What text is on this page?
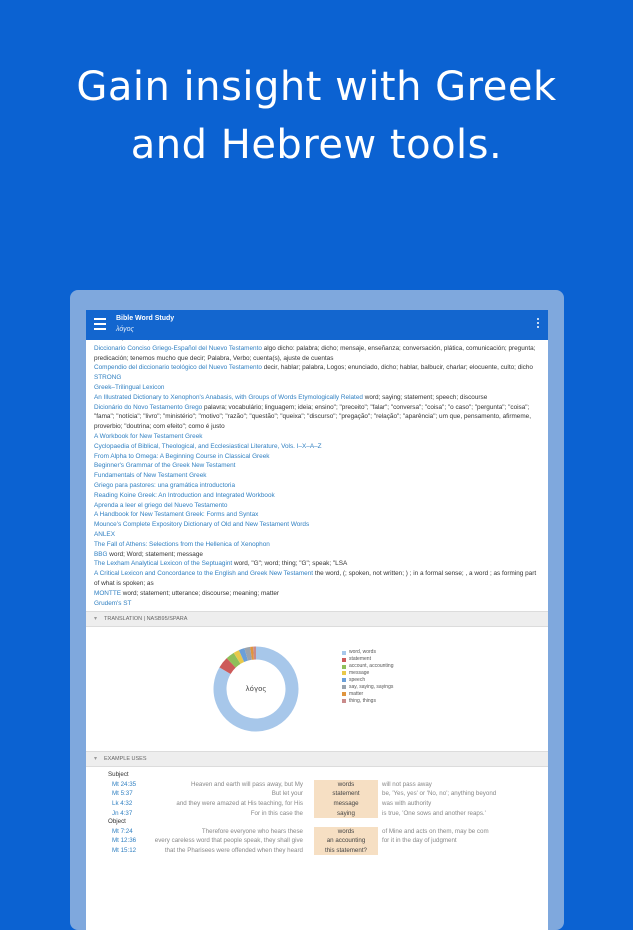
Gain insight with Greek
and Hebrew tools.
Bible Word Study
λόγος
Diccionario Conciso Griego-Español del Nuevo Testamento algo dicho: palabra; dicho; mensaje, enseñanza; conversación, plática, comunicación; pregunta; predicación; tenemos mucho que decir; Palabra, Verbo; cuenta(s), ajuste de cuentas
Compendio del diccionario teológico del Nuevo Testamento decir, hablar; palabra, Logos; enunciado, dicho; hablar, balbucir, charlar; elocuente, culto; dicho
STRONG
Greek–Trilingual Lexicon
An Illustrated Dictionary to Xenophon's Anabasis, with Groups of Words Etymologically Related word; saying; statement; speech; discourse
Dicionário do Novo Testamento Grego palavra; vocabulário; linguagem; ideia; ensino"; "preceito"; "falar"; "conversa"; "coisa"; "o caso"; "pergunta"; "coisa"; "fama"; "notícia"; "livro"; "ministério"; "motivo"; "razão"; "questão"; "queixa"; "discurso"; "pregação"; "relação"; "aparência"; um que, pensamento, afirmeme, proverbio; "doutrina; com efeito"; como é justo
A Workbook for New Testament Greek
Cyclopaedia of Biblical, Theological, and Ecclesiastical Literature, Vols. I–X–A–Z
From Alpha to Omega: A Beginning Course in Classical Greek
Beginner's Grammar of the Greek New Testament
Fundamentals of New Testament Greek
Griego para pastores: una gramática introductoria
Reading Koine Greek: An Introduction and Integrated Workbook
Aprenda a leer el griego del Nuevo Testamento
A Handbook for New Testament Greek: Forms and Syntax
Mounce's Complete Expository Dictionary of Old and New Testament Words
ANLEX
The Fall of Athens: Selections from the Hellenica of Xenophon
BBG word; Word; statement; message
The Lexham Analytical Lexicon of the Septuagint word, "G"; word; thing; "G"; speak; "LSA
A Critical Lexicon and Concordance to the English and Greek New Testament the word, (; spoken, not written; ) ; in a formal sense; , a word ; as forming part of what is spoken; as
MONTTE word; statement; utterance; discourse; meaning; matter
Grudem's ST
▾ TRANSLATION | NASB95/SPARA
λόγος
word, words
statement
account, accounting
message
speech
say, saying, sayings
matter
thing, things
▾ EXAMPLE USES
Subject
Mt 24:35	Heaven and earth will pass away, but My	words	will not pass away
Mt 5:37	But let your	statement	be, 'Yes, yes' or 'No, no'; anything beyond
Lk 4:32	and they were amazed at His teaching, for His	message	was with authority
Jn 4:37	For in this case the	saying	is true, 'One sows and another reaps.'
Object
Mt 7:24	Therefore everyone who hears these	words	of Mine and acts on them, may be com
Mt 12:36	every careless word that people speak, they shall give	an accounting	for it in the day of judgment
Mt 15:12	that the Pharisees were offended when they heard	this statement?
